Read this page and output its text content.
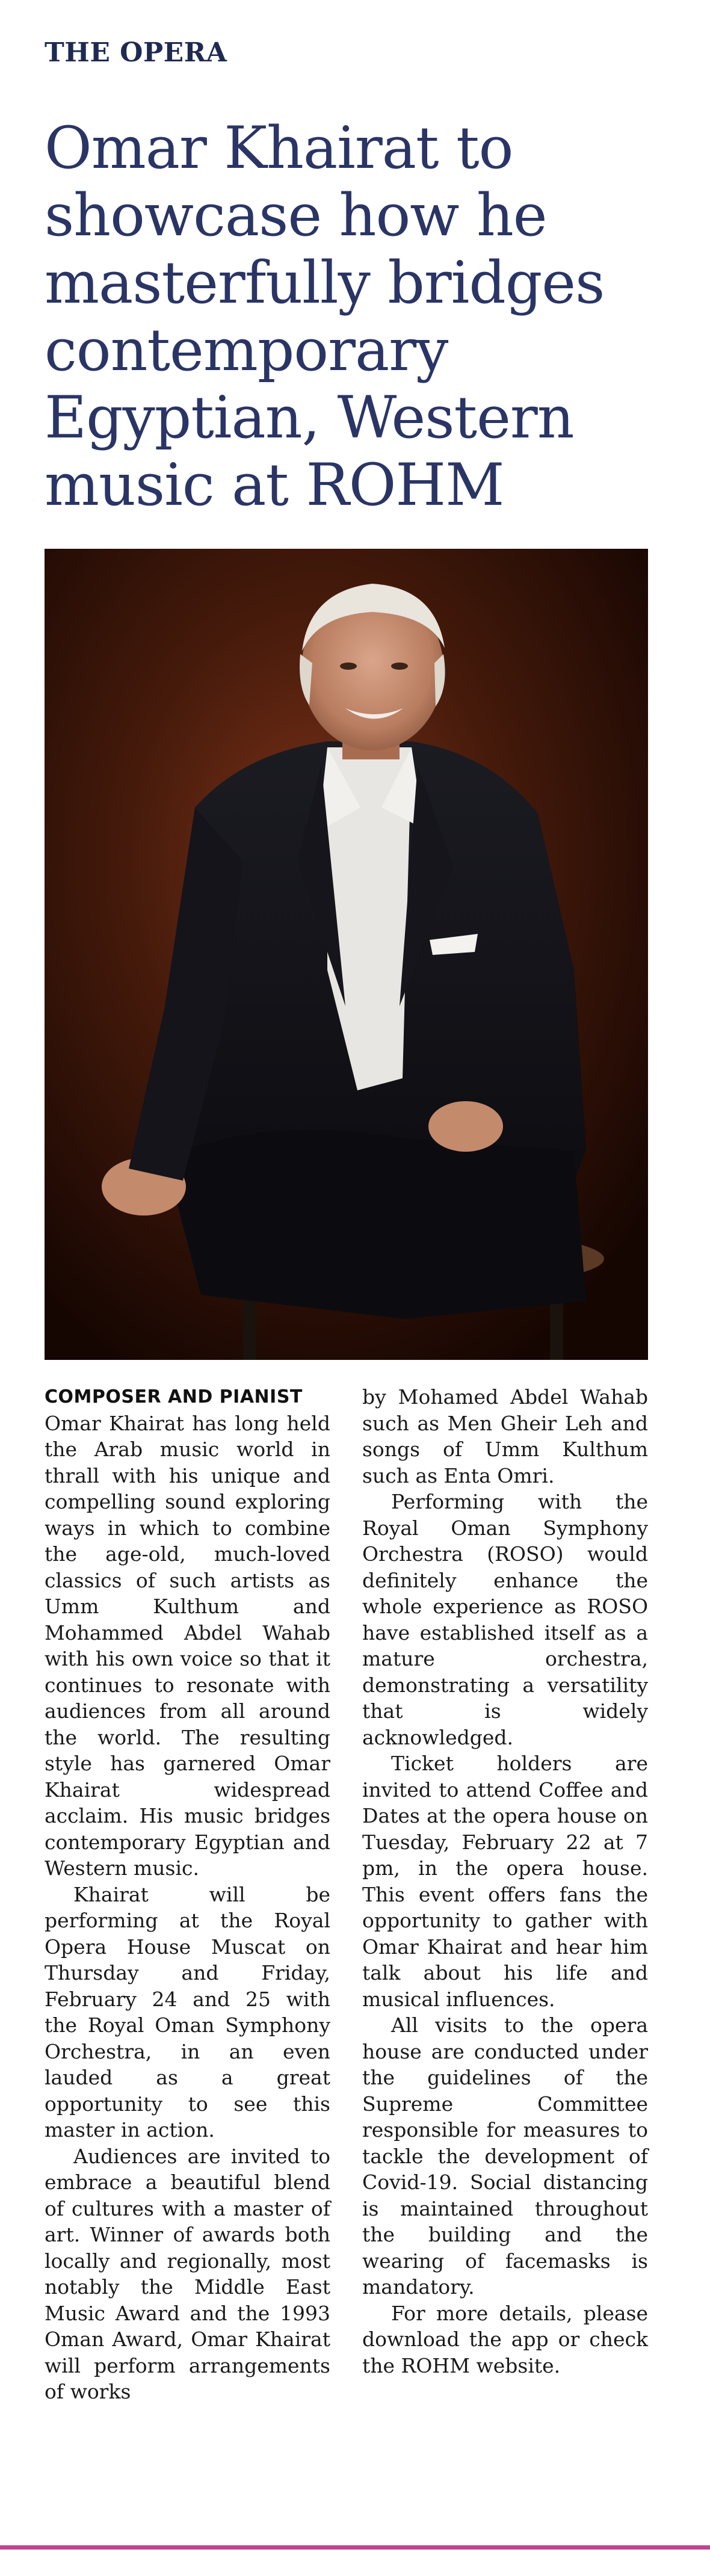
THE OPERA
Omar Khairat to showcase how he masterfully bridges contemporary Egyptian, Western music at ROHM

COMPOSER AND PIANIST
Omar Khairat has long held the Arab music world in thrall with his unique and compelling sound exploring ways in which to combine the age-old, much-loved classics of such artists as Umm Kulthum and Mohammed Abdel Wahab with his own voice so that it continues to resonate with audiences from all around the world. The resulting style has garnered Omar Khairat widespread acclaim. His music bridges contemporary Egyptian and Western music.

Khairat will be performing at the Royal Opera House Muscat on Thursday and Friday, February 24 and 25 with the Royal Oman Symphony Orchestra, in an even lauded as a great opportunity to see this master in action.

Audiences are invited to embrace a beautiful blend of cultures with a master of art. Winner of awards both locally and regionally, most notably the Middle East Music Award and the 1993 Oman Award, Omar Khairat will perform arrangements of works

by Mohamed Abdel Wahab such as Men Gheir Leh and songs of Umm Kulthum such as Enta Omri.

Performing with the Royal Oman Symphony Orchestra (ROSO) would definitely enhance the whole experience as ROSO have established itself as a mature orchestra, demonstrating a versatility that is widely acknowledged.

Ticket holders are invited to attend Coffee and Dates at the opera house on Tuesday, February 22 at 7 pm, in the opera house. This event offers fans the opportunity to gather with Omar Khairat and hear him talk about his life and musical influences.

All visits to the opera house are conducted under the guidelines of the Supreme Committee responsible for measures to tackle the development of Covid-19. Social distancing is maintained throughout the building and the wearing of facemasks is mandatory.

For more details, please download the app or check the ROHM website.
